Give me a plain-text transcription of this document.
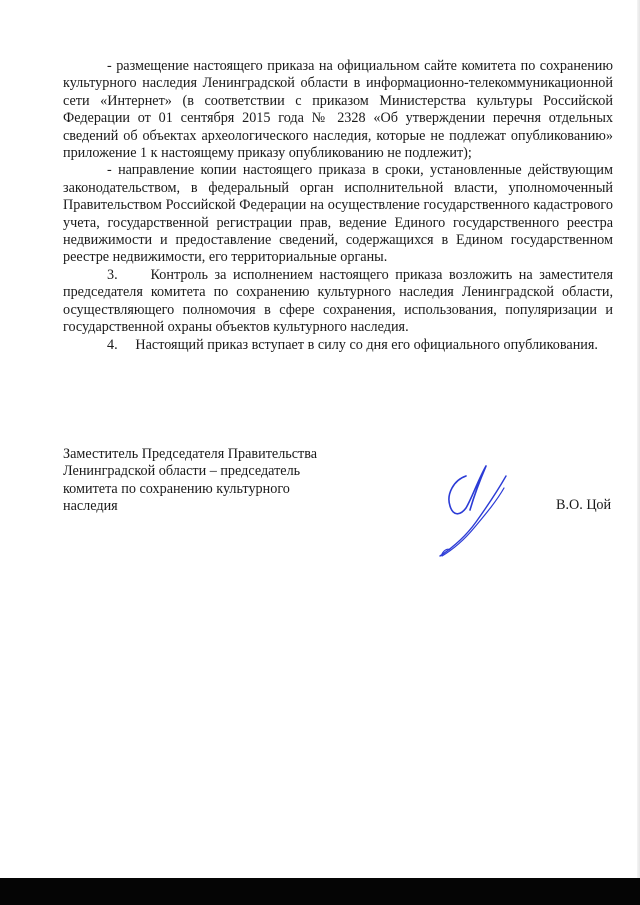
- размещение настоящего приказа на официальном сайте комитета по сохранению культурного наследия Ленинградской области в информационно-телекоммуникационной сети «Интернет» (в соответствии с приказом Министерства культуры Российской Федерации от 01 сентября 2015 года № 2328 «Об утверждении перечня отдельных сведений об объектах археологического наследия, которые не подлежат опубликованию» приложение 1 к настоящему приказу опубликованию не подлежит);

- направление копии настоящего приказа в сроки, установленные действующим законодательством, в федеральный орган исполнительной власти, уполномоченный Правительством Российской Федерации на осуществление государственного кадастрового учета, государственной регистрации прав, ведение Единого государственного реестра недвижимости и предоставление сведений, содержащихся в Едином государственном реестре недвижимости, его территориальные органы.

3.     Контроль за исполнением настоящего приказа возложить на заместителя председателя комитета по сохранению культурного наследия Ленинградской области, осуществляющего полномочия в сфере сохранения, использования, популяризации и государственной охраны объектов культурного наследия.

4.     Настоящий приказ вступает в силу со дня его официального опубликования.

Заместитель Председателя Правительства
Ленинградской области – председатель
комитета по сохранению культурного
наследия	В.О. Цой
